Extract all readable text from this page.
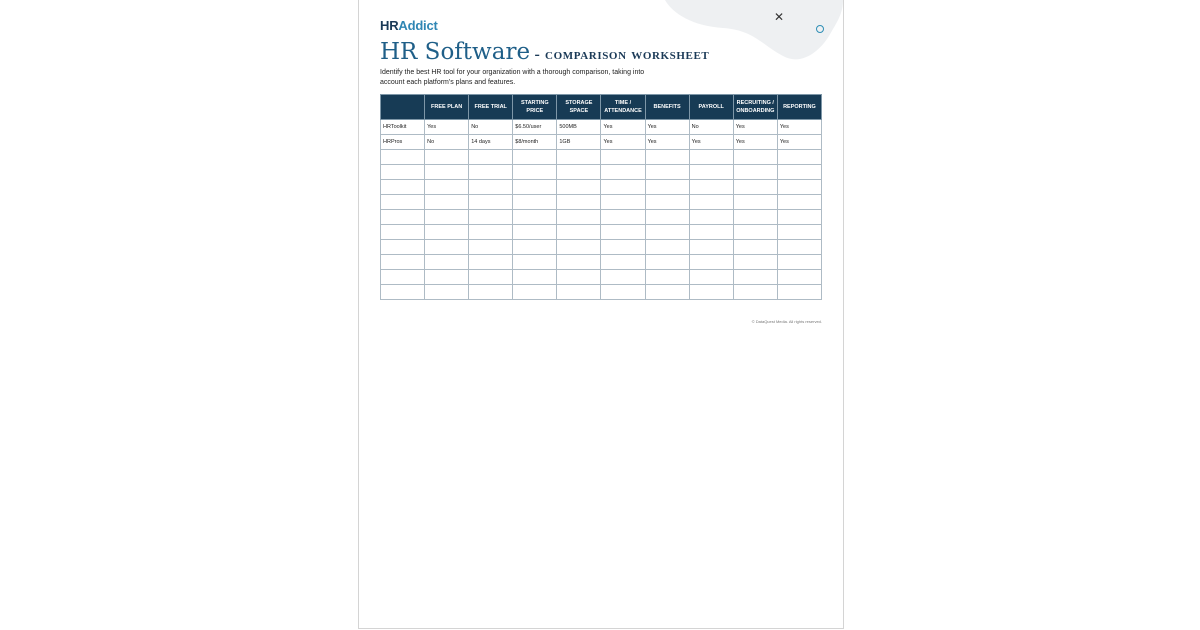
✕
HRAddict
HR Software - comparison worksheet
Identify the best HR tool for your organization with a thorough comparison, taking into account each platform's plans and features.
	FREE PLAN	FREE TRIAL	STARTING PRICE	STORAGE SPACE	TIME / ATTENDANCE	BENEFITS	PAYROLL	RECRUITING / ONBOARDING	REPORTING
HRToolkit	Yes	No	$6.50/user	500MB	Yes	Yes	No	Yes	Yes
HRPros	No	14 days	$8/month	1GB	Yes	Yes	Yes	Yes	Yes

© DataQuest Media. All rights reserved.
